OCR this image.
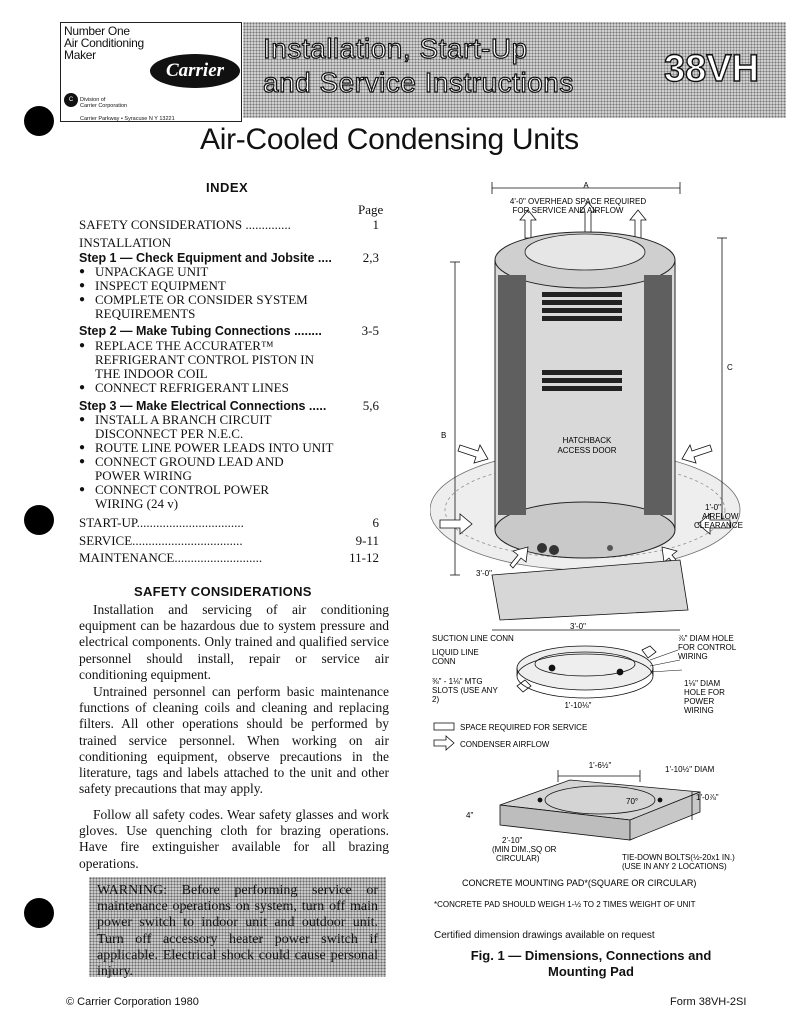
Number One
Air Conditioning
Maker
Carrier
C	Division of
Carrier Corporation
Carrier Parkway • Syracuse N Y 13221
Installation, Start-Up
and Service Instructions 38VH
Air-Cooled Condensing Units
INDEX
Page
SAFETY CONSIDERATIONS ..............	1
INSTALLATION
Step 1 — Check Equipment and Jobsite .... 2,3
● UNPACKAGE UNIT
● INSPECT EQUIPMENT
● COMPLETE OR CONSIDER SYSTEM
REQUIREMENTS
Step 2 — Make Tubing Connections ........	3-5
● REPLACE THE ACCURATER™
REFRIGERANT CONTROL PISTON IN
THE INDOOR COIL
● CONNECT REFRIGERANT LINES
Step 3 — Make Electrical Connections .....	5,6
● INSTALL A BRANCH CIRCUIT
DISCONNECT PER N.E.C.
● ROUTE LINE POWER LEADS INTO UNIT
● CONNECT GROUND LEAD AND
POWER WIRING
● CONNECT CONTROL POWER
WIRING (24 v)
START-UP.................................	6
SERVICE..................................	9-11
MAINTENANCE...........................	11-12
SAFETY CONSIDERATIONS
Installation and servicing of air conditioning equipment can be hazardous due to system pressure and electrical components. Only trained and qualified service personnel should install, repair or service air conditioning equipment.
Untrained personnel can perform basic maintenance functions of cleaning coils and cleaning and replacing filters. All other operations should be performed by trained service personnel. When working on air conditioning equipment, observe precautions in the literature, tags and labels attached to the unit and other safety precautions that may apply.
Follow all safety codes. Wear safety glasses and work gloves. Use quenching cloth for brazing operations. Have fire extinguisher available for all brazing operations.
WARNING: Before performing service or maintenance operations on system, turn off main power switch to indoor unit and outdoor unit. Turn off accessory heater power switch if applicable. Electrical shock could cause personal injury.
A
4'-0" OVERHEAD SPACE REQUIRED
FOR SERVICE AND AIRFLOW
HATCHBACK
ACCESS DOOR
B
C
1'-0"
AIRFLOW
CLEARANCE
3'-0"
3'-0"
SUCTION LINE CONN
LIQUID LINE
CONN
⅜" - 1⅛" MTG
SLOTS (USE ANY
2)
1'-10⅛"
⅞" DIAM HOLE
FOR CONTROL
WIRING
1⅛" DIAM
HOLE FOR
POWER
WIRING
SPACE REQUIRED FOR SERVICE
CONDENSER AIRFLOW
1'-6½"	1'-10½" DIAM
70°	1'-0⅞"
4"
2'-10"
(MIN DIM.,SQ OR
CIRCULAR)	TIE-DOWN BOLTS(½-20x1 IN.)
(USE IN ANY 2 LOCATIONS)
CONCRETE MOUNTING PAD*(SQUARE OR CIRCULAR)
*CONCRETE PAD SHOULD WEIGH 1-½ TO 2 TIMES WEIGHT OF UNIT
Certified dimension drawings available on request
Fig. 1 — Dimensions, Connections and Mounting Pad
© Carrier Corporation 1980	Form 38VH-2SI
